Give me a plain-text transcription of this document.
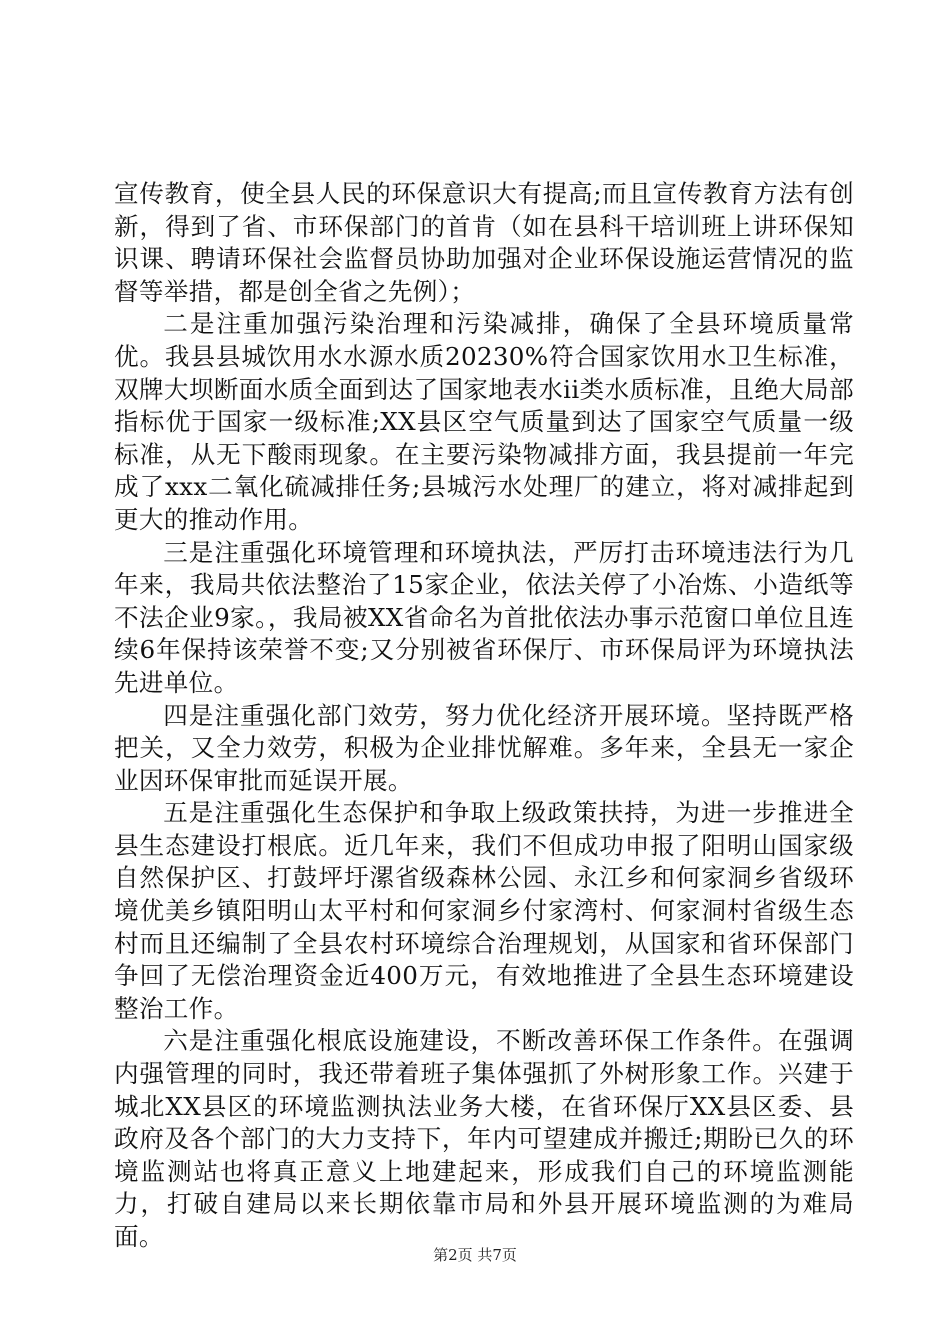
宣传教育，使全县人民的环保意识大有提高;而且宣传教育方法有创新，得到了省、市环保部门的首肯（如在县科干培训班上讲环保知识课、聘请环保社会监督员协助加强对企业环保设施运营情况的监督等举措，都是创全省之先例）；

二是注重加强污染治理和污染减排，确保了全县环境质量常优。我县县城饮用水水源水质20230%符合国家饮用水卫生标准，双牌大坝断面水质全面到达了国家地表水ii类水质标准，且绝大局部指标优于国家一级标准;XX县区空气质量到达了国家空气质量一级标准，从无下酸雨现象。在主要污染物减排方面，我县提前一年完成了xxx二氧化硫减排任务;县城污水处理厂的建立，将对减排起到更大的推动作用。

三是注重强化环境管理和环境执法，严厉打击环境违法行为几年来，我局共依法整治了15家企业，依法关停了小冶炼、小造纸等不法企业9家。，我局被XX省命名为首批依法办事示范窗口单位且连续6年保持该荣誉不变;又分别被省环保厅、市环保局评为环境执法先进单位。

四是注重强化部门效劳，努力优化经济开展环境。坚持既严格把关，又全力效劳，积极为企业排忧解难。多年来，全县无一家企业因环保审批而延误开展。

五是注重强化生态保护和争取上级政策扶持，为进一步推进全县生态建设打根底。近几年来，我们不但成功申报了阳明山国家级自然保护区、打鼓坪圩漯省级森林公园、永江乡和何家洞乡省级环境优美乡镇阳明山太平村和何家洞乡付家湾村、何家洞村省级生态村而且还编制了全县农村环境综合治理规划，从国家和省环保部门争回了无偿治理资金近400万元，有效地推进了全县生态环境建设整治工作。

六是注重强化根底设施建设，不断改善环保工作条件。在强调内强管理的同时，我还带着班子集体强抓了外树形象工作。兴建于城北XX县区的环境监测执法业务大楼，在省环保厅XX县区委、县政府及各个部门的大力支持下，年内可望建成并搬迁;期盼已久的环境监测站也将真正意义上地建起来，形成我们自己的环境监测能力，打破自建局以来长期依靠市局和外县开展环境监测的为难局面。

第2页 共7页
